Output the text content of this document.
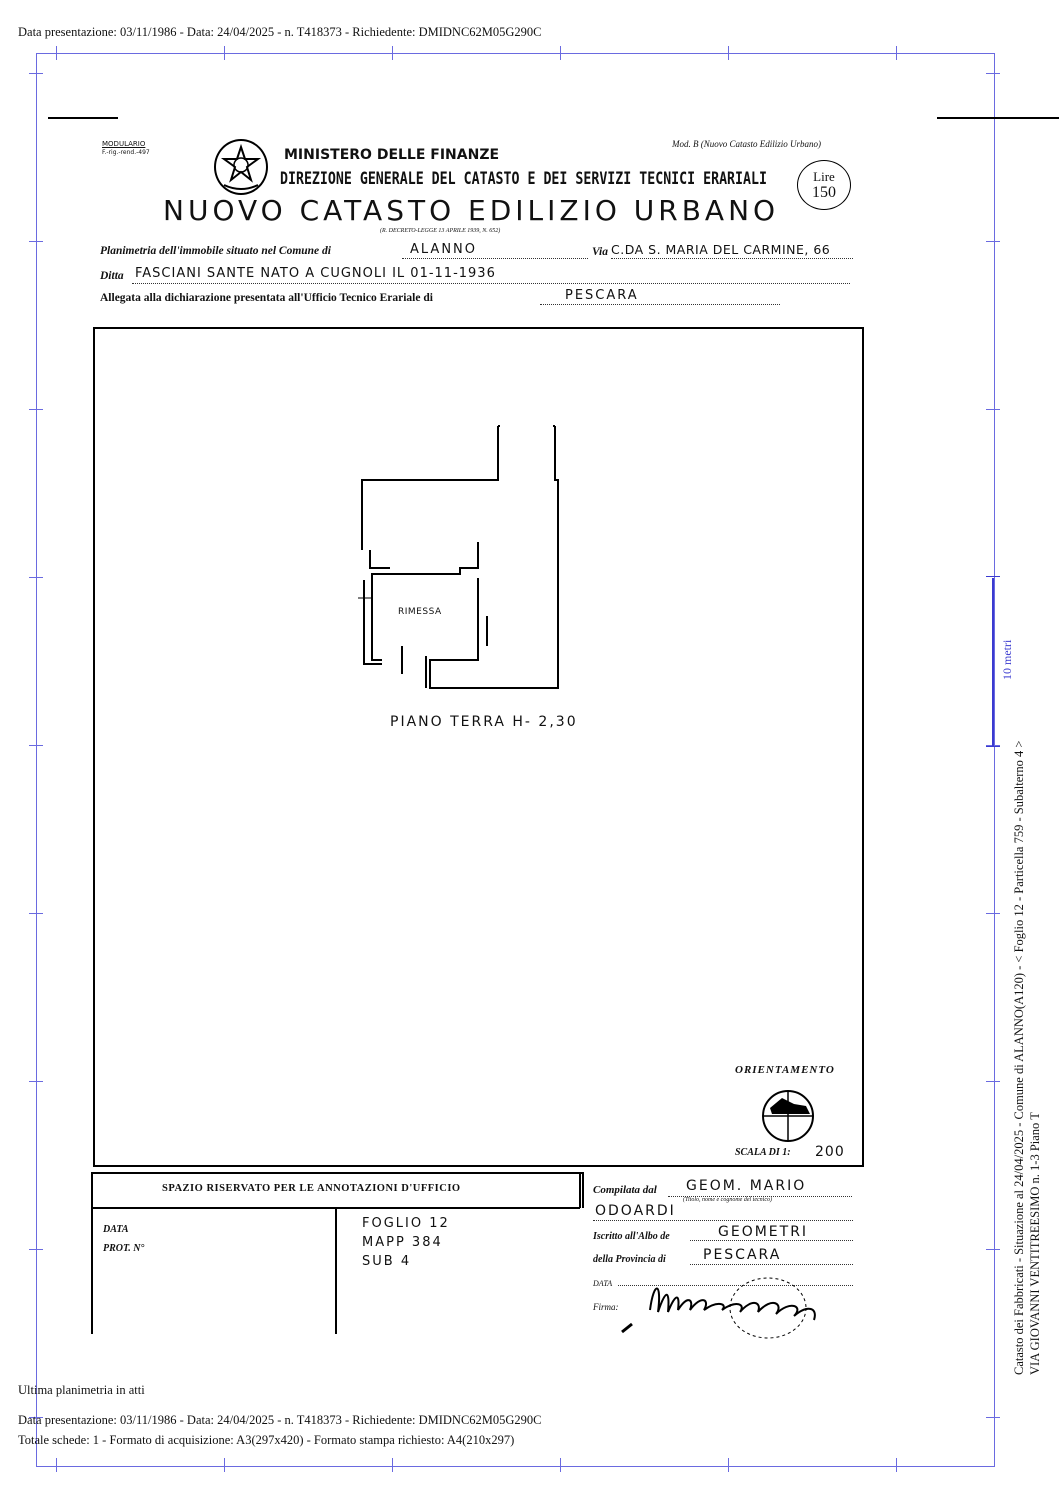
Data presentazione: 03/11/1986 - Data: 24/04/2025 - n. T418373 - Richiedente: DMIDNC62M05G290C
10 metri
Catasto dei Fabbricati - Situazione al 24/04/2025 - Comune di ALANNO(A120) - < Foglio 12 - Particella 759 - Subalterno 4 > VIA GIOVANNI VENTITREESIMO n. 1-3 Piano T
MODULARIO
F.-rig.-rend.-497	MINISTERO DELLE FINANZE
DIREZIONE GENERALE DEL CATASTO E DEI SERVIZI TECNICI ERARIALI
Mod. B (Nuovo Catasto Edilizio Urbano)
Lire
150
NUOVO CATASTO EDILIZIO URBANO
(R. DECRETO-LEGGE 13 APRILE 1939, N. 652)
Planimetria dell'immobile situato nel Comune di	ALANNO	Via C.DA S. MARIA DEL CARMINE, 66
Ditta FASCIANI SANTE NATO A CUGNOLI IL 01-11-1936
Allegata alla dichiarazione presentata all'Ufficio Tecnico Erariale di	PESCARA
RIMESSA
PIANO TERRA H- 2,30
ORIENTAMENTO
SCALA DI 1: 200
SPAZIO RISERVATO PER LE ANNOTAZIONI D'UFFICIO
DATA
PROT. N°
FOGLIO 12
MAPP 384
SUB 4
Compilata dal GEOM. MARIO
(Titolo, nome e cognome del tecnico)
ODOARDI
Iscritto all'Albo de	GEOMETRI
della Provincia di	PESCARA
DATA
Firma:
Ultima planimetria in atti
Data presentazione: 03/11/1986 - Data: 24/04/2025 - n. T418373 - Richiedente: DMIDNC62M05G290C
Totale schede: 1 - Formato di acquisizione: A3(297x420) - Formato stampa richiesto: A4(210x297)
